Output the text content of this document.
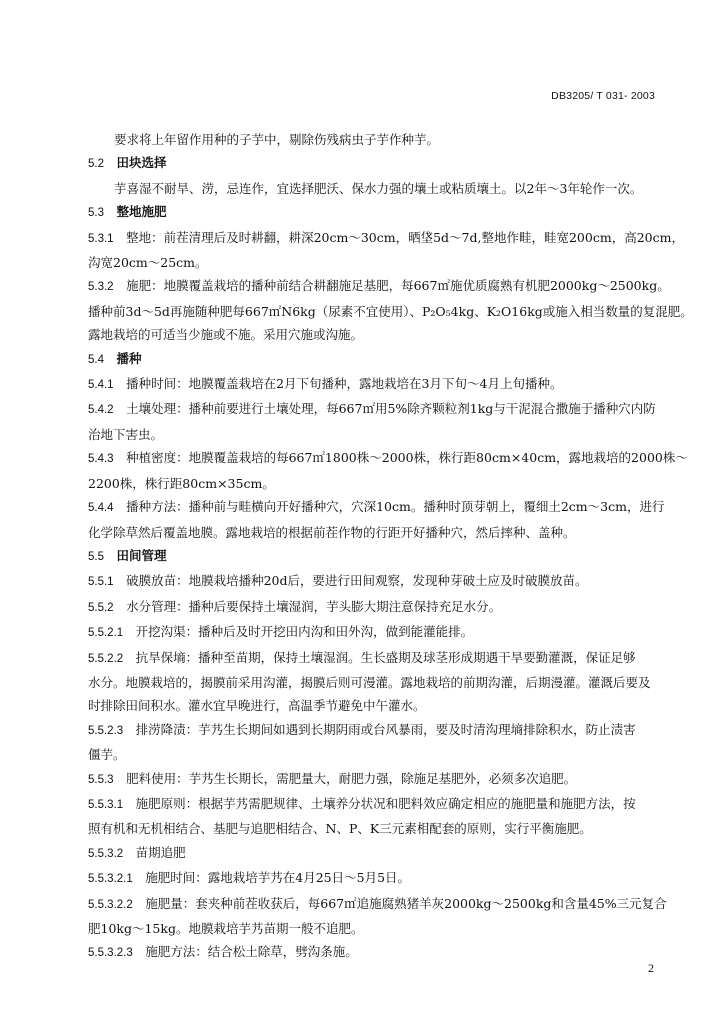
DB3205/ T 031- 2003

要求将上年留作用种的子芋中，剔除伤残病虫子芋作种芋。

5.2  田块选择

芋喜湿不耐旱、涝，忌连作，宜选择肥沃、保水力强的壤土或粘质壤土。以2年～3年轮作一次。

5.3  整地施肥

5.3.1  整地：前茬清理后及时耕翻，耕深20cm～30cm，晒垡5d～7d,整地作畦，畦宽200cm，高20cm，

沟宽20cm～25cm。

5.3.2  施肥：地膜覆盖栽培的播种前结合耕翻施足基肥，每667㎡施优质腐熟有机肥2000kg～2500kg。

播种前3d～5d再施随种肥每667㎡N6kg（尿素不宜使用）、P₂O₅4kg、K₂O16kg或施入相当数量的复混肥。

露地栽培的可适当少施或不施。采用穴施或沟施。

5.4  播种

5.4.1  播种时间：地膜覆盖栽培在2月下旬播种，露地栽培在3月下旬～4月上旬播种。

5.4.2  土壤处理：播种前要进行土壤处理，每667㎡用5%除齐颗粒剂1kg与干泥混合撒施于播种穴内防

治地下害虫。

5.4.3  种植密度：地膜覆盖栽培的每667㎡1800株～2000株，株行距80cm×40cm，露地栽培的2000株～

2200株，株行距80cm×35cm。

5.4.4  播种方法：播种前与畦横向开好播种穴，穴深10cm。播种时顶芽朝上，覆细土2cm～3cm，进行

化学除草然后覆盖地膜。露地栽培的根据前茬作物的行距开好播种穴，然后摔种、盖种。

5.5  田间管理

5.5.1  破膜放苗：地膜栽培播种20d后，要进行田间观察，发现种芽破土应及时破膜放苗。

5.5.2  水分管理：播种后要保持土壤湿润，芋头膨大期注意保持充足水分。

5.5.2.1  开挖沟渠：播种后及时开挖田内沟和田外沟，做到能灌能排。

5.5.2.2  抗旱保墒：播种至苗期，保持土壤湿润。生长盛期及球茎形成期遇干旱要勤灌溉，保证足够

水分。地膜栽培的，揭膜前采用沟灌，揭膜后则可漫灌。露地栽培的前期沟灌，后期漫灌。灌溉后要及

时排除田间积水。灌水宜早晚进行，高温季节避免中午灌水。

5.5.2.3  排涝降渍：芋艿生长期间如遇到长期阴雨或台风暴雨，要及时清沟理墒排除积水，防止渍害

僵芋。

5.5.3  肥料使用：芋艿生长期长，需肥量大，耐肥力强，除施足基肥外，必须多次追肥。

5.5.3.1  施肥原则：根据芋艿需肥规律、土壤养分状况和肥料效应确定相应的施肥量和施肥方法，按

照有机和无机相结合、基肥与追肥相结合、N、P、K三元素相配套的原则，实行平衡施肥。

5.5.3.2  苗期追肥

5.5.3.2.1  施肥时间：露地栽培芋艿在4月25日～5月5日。

5.5.3.2.2  施肥量：套夹种前茬收获后，每667㎡追施腐熟猪羊灰2000kg～2500kg和含量45%三元复合

肥10kg～15kg。地膜栽培芋艿苗期一般不追肥。

5.5.3.2.3  施肥方法：结合松土除草，劈沟条施。

2
